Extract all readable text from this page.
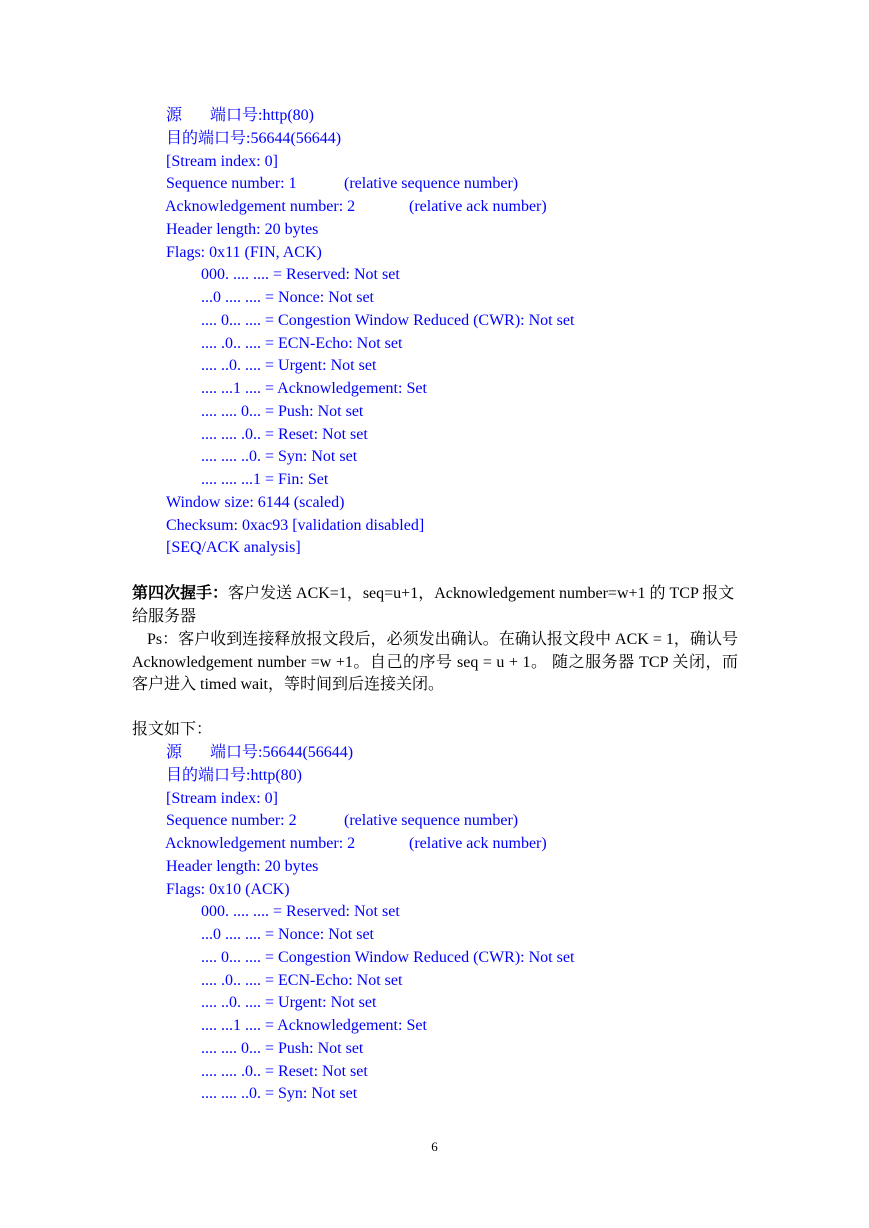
源 端口号:http(80)
目的端口号:56644(56644)
[Stream index: 0]
Sequence number: 1	(relative sequence number)
Acknowledgement number: 2	(relative ack number)
Header length: 20 bytes
Flags: 0x11 (FIN, ACK)
000. .... .... = Reserved: Not set
...0 .... .... = Nonce: Not set
.... 0... .... = Congestion Window Reduced (CWR): Not set
.... .0.. .... = ECN-Echo: Not set
.... ..0. .... = Urgent: Not set
.... ...1 .... = Acknowledgement: Set
.... .... 0... = Push: Not set
.... .... .0.. = Reset: Not set
.... .... ..0. = Syn: Not set
.... .... ...1 = Fin: Set
Window size: 6144 (scaled)
Checksum: 0xac93 [validation disabled]
[SEQ/ACK analysis]
第四次握手：客户发送 ACK=1，seq=u+1，Acknowledgement number=w+1 的 TCP 报文给服务器
Ps：客户收到连接释放报文段后，必须发出确认。在确认报文段中 ACK = 1，确认号 Acknowledgement number =w +1。自己的序号 seq = u + 1。 随之服务器 TCP 关闭，而客户进入 timed wait，等时间到后连接关闭。
报文如下：
源 端口号:56644(56644)
目的端口号:http(80)
[Stream index: 0]
Sequence number: 2	(relative sequence number)
Acknowledgement number: 2	(relative ack number)
Header length: 20 bytes
Flags: 0x10 (ACK)
000. .... .... = Reserved: Not set
...0 .... .... = Nonce: Not set
.... 0... .... = Congestion Window Reduced (CWR): Not set
.... .0.. .... = ECN-Echo: Not set
.... ..0. .... = Urgent: Not set
.... ...1 .... = Acknowledgement: Set
.... .... 0... = Push: Not set
.... .... .0.. = Reset: Not set
.... .... ..0. = Syn: Not set
6
